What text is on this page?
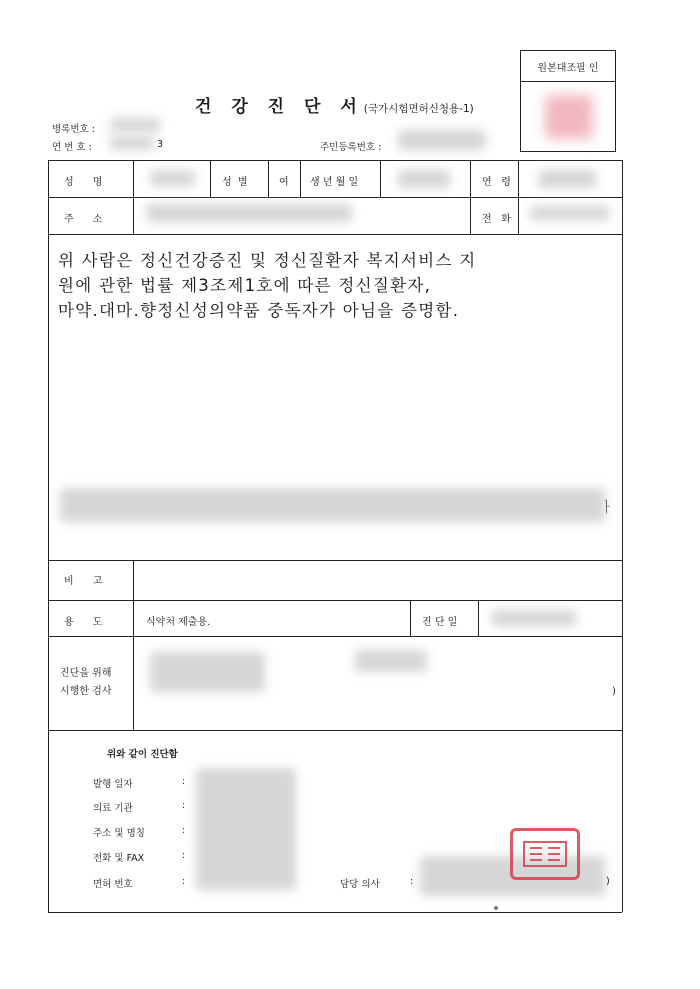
원본대조필 인
건 강 진 단 서(국가시험면허신청용-1)
병록번호 :
연 번 호 :	3	주민등록번호 :
성      명	성  별	여 생 년 월 일	연   령
주      소	전   화
위 사람은 정신건강증진 및 정신질환자 복지서비스 지
원에 관한 법률 제3조제1호에 따른 정신질환자,
마약.대마.향정신성의약품 중독자가 아님을 증명함.
ㅏ
비      고
용      도	식약처 제출용.	진 단 일
진단을 위해
시행한 검사	)
위와 같이 진단함
발행 일자	:
의료 기관	:
주소 및 명칭	:
전화 및 FAX	:
면허 번호	:	담당 의사	:	)
